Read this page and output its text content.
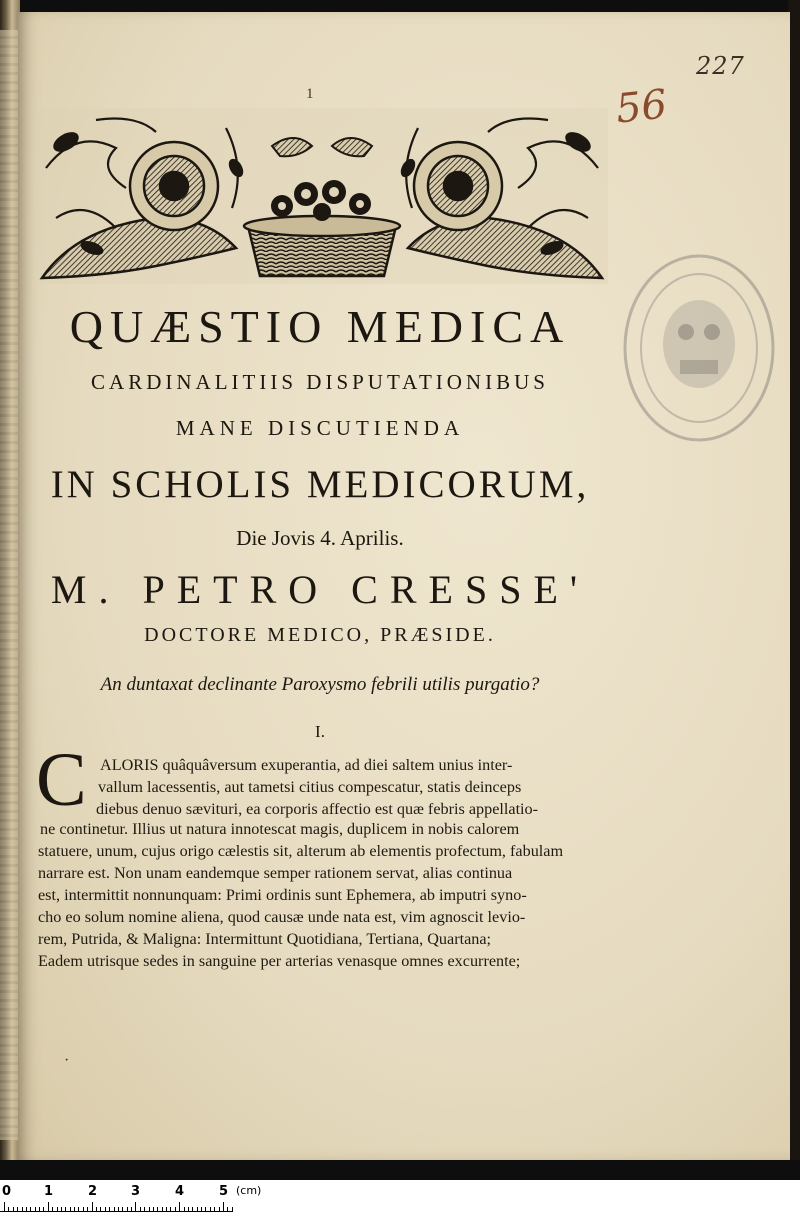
227
56
1
QUÆSTIO MEDICA
CARDINALITIIS DISPUTATIONIBUS
MANE DISCUTIENDA
IN SCHOLIS MEDICORUM,
Die Jovis 4. Aprilis.
M. PETRO CRESSE'
DOCTORE MEDICO, PRÆSIDE.
An duntaxat declinante Paroxysmo febrili utilis purgatio?
I.
C ALORIS quâquâversum exuperantia, ad diei saltem unius inter-
vallum lacessentis, aut tametsi citius compescatur, statis deinceps
diebus denuo sævituri, ea corporis affectio est quæ febris appellatio-
ne continetur. Illius ut natura innotescat magis, duplicem in nobis calorem
statuere, unum, cujus origo cælestis sit, alterum ab elementis profectum, fabulam
narrare est. Non unam eandemque semper rationem servat, alias continua
est, intermittit nonnunquam: Primi ordinis sunt Ephemera, ab imputri syno-
cho eo solum nomine aliena, quod causæ unde nata est, vim agnoscit levio-
rem, Putrida, & Maligna: Intermittunt Quotidiana, Tertiana, Quartana;
Eadem utrisque sedes in sanguine per arterias venasque omnes excurrente;
·
0	1	2	3	4	5 (cm)
